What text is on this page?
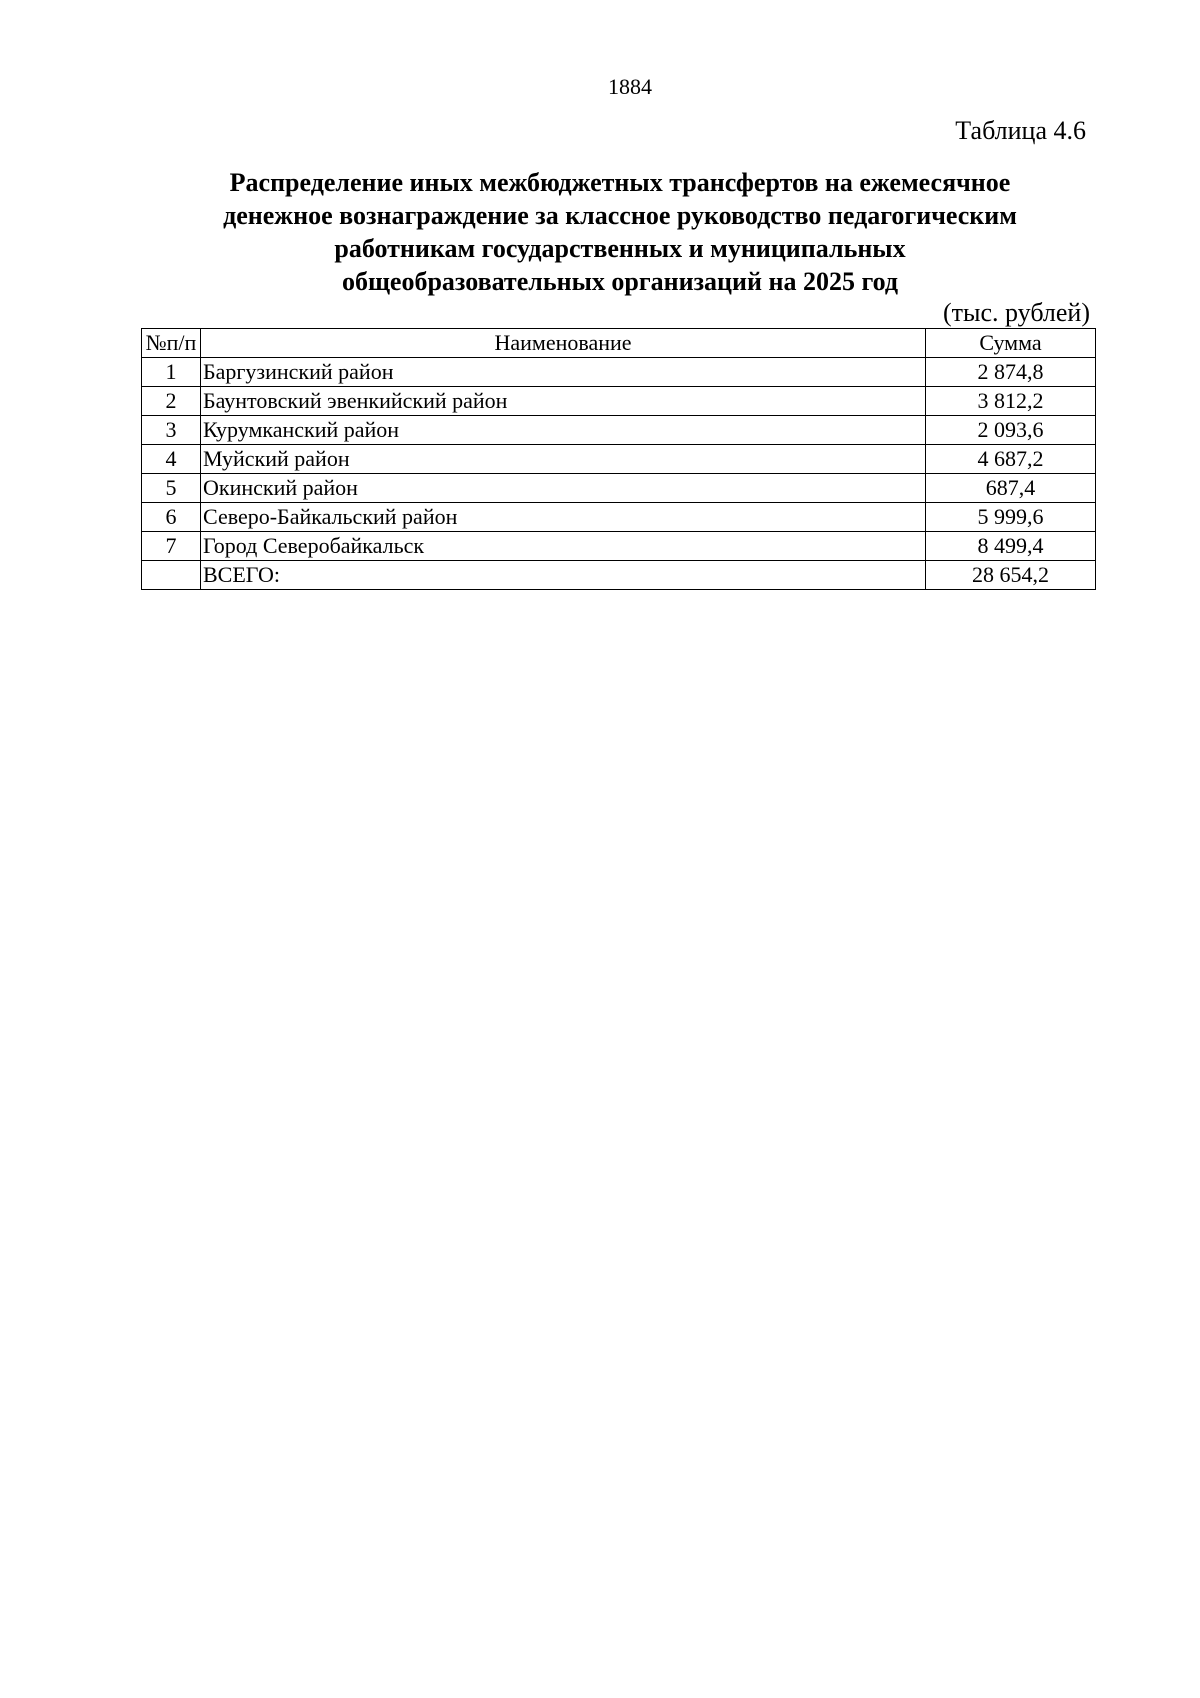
1884
Таблица 4.6
Распределение иных межбюджетных трансфертов на ежемесячное
денежное вознаграждение за классное руководство педагогическим
работникам государственных и муниципальных
общеобразовательных организаций на 2025 год
(тыс. рублей)
№п/п	Наименование	Сумма
1	Баргузинский район	2 874,8
2	Баунтовский эвенкийский район	3 812,2
3	Курумканский район	2 093,6
4	Муйский район	4 687,2
5	Окинский район	687,4
6	Северо-Байкальский район	5 999,6
7	Город Северобайкальск	8 499,4
	ВСЕГО:	28 654,2
